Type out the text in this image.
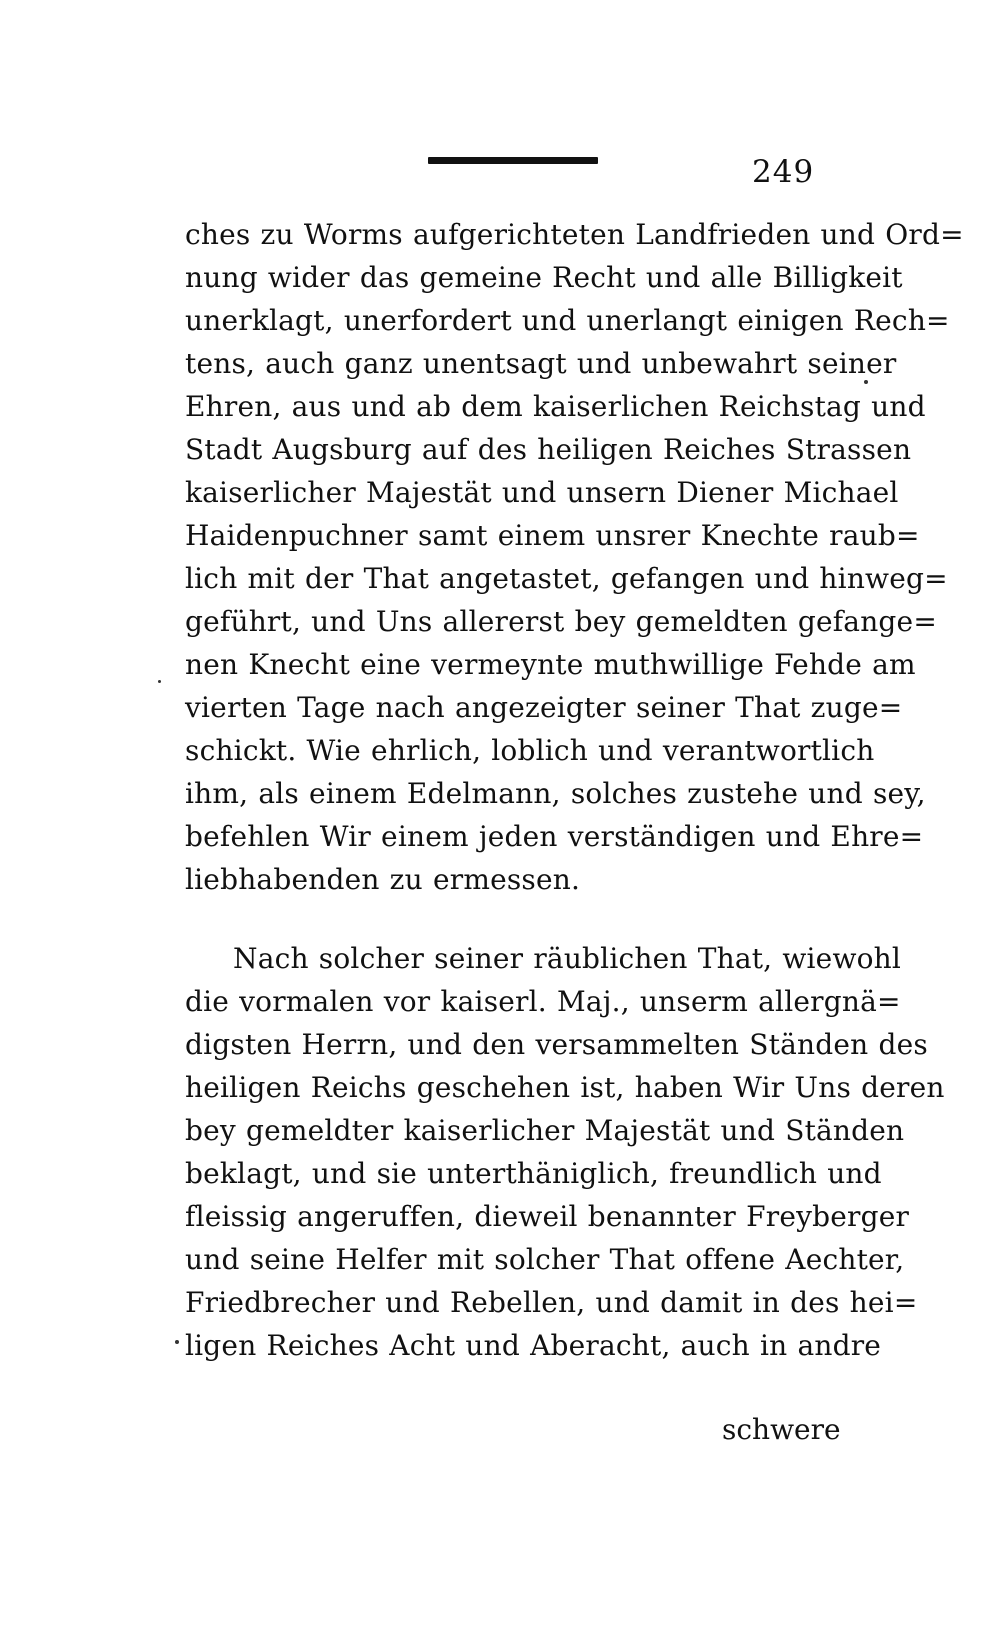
249
ches zu Worms aufgerichteten Landfrieden und Ord=
nung wider das gemeine Recht und alle Billigkeit
unerklagt, unerfordert und unerlangt einigen Rech=
tens, auch ganz unentsagt und unbewahrt seiner
Ehren, aus und ab dem kaiserlichen Reichstag und
Stadt Augsburg auf des heiligen Reiches Strassen
kaiserlicher Majestät und unsern Diener Michael
Haidenpuchner samt einem unsrer Knechte raub=
lich mit der That angetastet, gefangen und hinweg=
geführt, und Uns allererst bey gemeldten gefange=
nen Knecht eine vermeynte muthwillige Fehde am
vierten Tage nach angezeigter seiner That zuge=
schickt. Wie ehrlich, loblich und verantwortlich
ihm, als einem Edelmann, solches zustehe und sey,
befehlen Wir einem jeden verständigen und Ehre=
liebhabenden zu ermessen.
Nach solcher seiner räublichen That, wiewohl
die vormalen vor kaiserl. Maj., unserm allergnä=
digsten Herrn, und den versammelten Ständen des
heiligen Reichs geschehen ist, haben Wir Uns deren
bey gemeldter kaiserlicher Majestät und Ständen
beklagt, und sie unterthäniglich, freundlich und
fleissig angeruffen, dieweil benannter Freyberger
und seine Helfer mit solcher That offene Aechter,
Friedbrecher und Rebellen, und damit in des hei=
ligen Reiches Acht und Aberacht, auch in andre
schwere
